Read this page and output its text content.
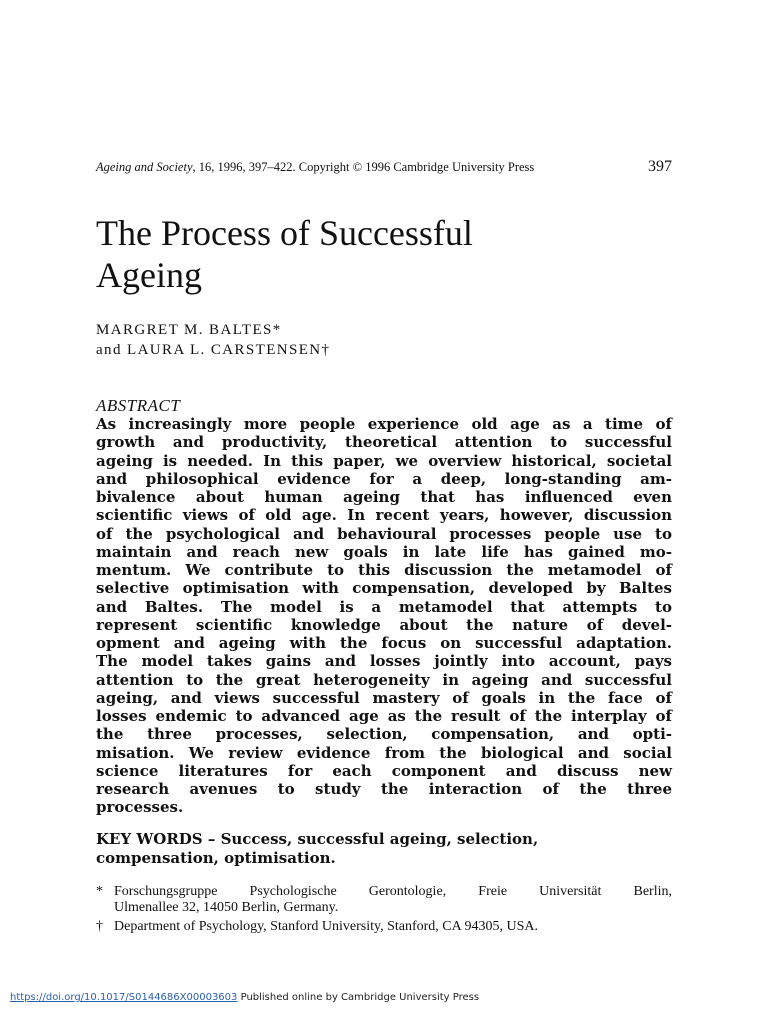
Ageing and Society, 16, 1996, 397–422. Copyright © 1996 Cambridge University Press	397
The Process of Successful
Ageing
MARGRET M. BALTES*
and LAURA L. CARSTENSEN†
ABSTRACT
As increasingly more people experience old age as a time of
growth and productivity, theoretical attention to successful
ageing is needed. In this paper, we overview historical, societal
and philosophical evidence for a deep, long-standing am-
bivalence about human ageing that has influenced even
scientific views of old age. In recent years, however, discussion
of the psychological and behavioural processes people use to
maintain and reach new goals in late life has gained mo-
mentum. We contribute to this discussion the metamodel of
selective optimisation with compensation, developed by Baltes
and Baltes. The model is a metamodel that attempts to
represent scientific knowledge about the nature of devel-
opment and ageing with the focus on successful adaptation.
The model takes gains and losses jointly into account, pays
attention to the great heterogeneity in ageing and successful
ageing, and views successful mastery of goals in the face of
losses endemic to advanced age as the result of the interplay of
the three processes, selection, compensation, and opti-
misation. We review evidence from the biological and social
science literatures for each component and discuss new
research avenues to study the interaction of the three
processes.
KEY WORDS – Success, successful ageing, selection,
compensation, optimisation.
* Forschungsgruppe Psychologische Gerontologie, Freie Universität Berlin,
Ulmenallee 32, 14050 Berlin, Germany.
† Department of Psychology, Stanford University, Stanford, CA 94305, USA.
https://doi.org/10.1017/S0144686X00003603 Published online by Cambridge University Press
